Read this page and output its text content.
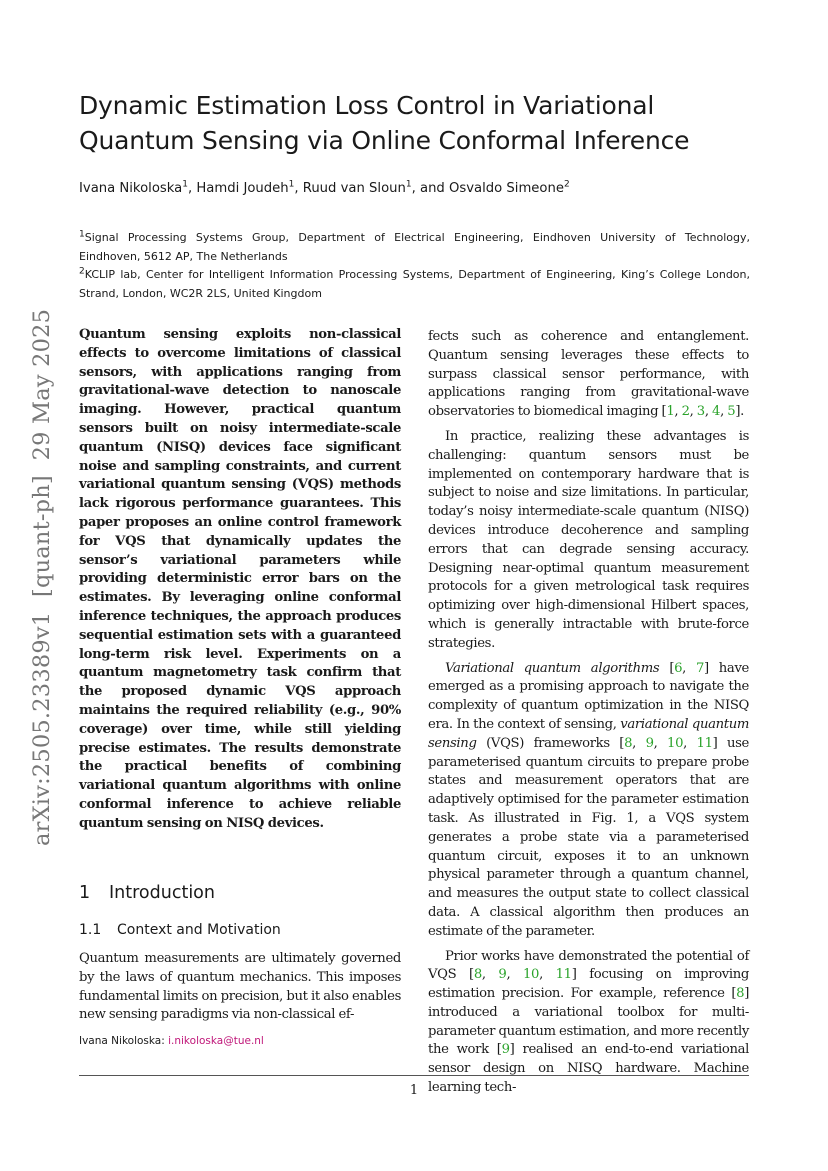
Dynamic Estimation Loss Control in Variational Quantum Sensing via Online Conformal Inference
Ivana Nikoloska$^1$, Hamdi Joudeh$^1$, Ruud van Sloun$^1$, and Osvaldo Simeone$^2$
$^1$Signal Processing Systems Group, Department of Electrical Engineering, Eindhoven University of Technology, Eindhoven, 5612 AP, The Netherlands
$^2$KCLIP lab, Center for Intelligent Information Processing Systems, Department of Engineering, King’s College London, Strand, London, WC2R 2LS, United Kingdom
arXiv:2505.23389v1  [quant-ph]  29 May 2025	Quantum sensing exploits non-classical effects to overcome limitations of classical sensors, with applications ranging from gravitational-wave detection to nanoscale imaging. However, practical quantum sensors built on noisy intermediate-scale quantum (NISQ) devices face significant noise and sampling constraints, and current variational quantum sensing (VQS) methods lack rigorous performance guarantees. This paper proposes an online control framework for VQS that dynamically updates the sensor’s variational parameters while providing deterministic error bars on the estimates. By leveraging online conformal inference techniques, the approach produces sequential estimation sets with a guaranteed long-term risk level. Experiments on a quantum magnetometry task confirm that the proposed dynamic VQS approach maintains the required reliability (e.g., 90% coverage) over time, while still yielding precise estimates. The results demonstrate the practical benefits of combining variational quantum algorithms with online conformal inference to achieve reliable quantum sensing on NISQ devices.
1 Introduction
1.1 Context and Motivation
Quantum measurements are ultimately governed by the laws of quantum mechanics. This imposes fundamental limits on precision, but it also enables new sensing paradigms via non-classical ef-
Ivana Nikoloska: i.nikoloska@tue.nl

fects such as coherence and entanglement. Quantum sensing leverages these effects to surpass classical sensor performance, with applications ranging from gravitational-wave observatories to biomedical imaging [1, 2, 3, 4, 5].

In practice, realizing these advantages is challenging: quantum sensors must be implemented on contemporary hardware that is subject to noise and size limitations. In particular, today’s noisy intermediate-scale quantum (NISQ) devices introduce decoherence and sampling errors that can degrade sensing accuracy. Designing near-optimal quantum measurement protocols for a given metrological task requires optimizing over high-dimensional Hilbert spaces, which is generally intractable with brute-force strategies.

Variational quantum algorithms [6, 7] have emerged as a promising approach to navigate the complexity of quantum optimization in the NISQ era. In the context of sensing, variational quantum sensing (VQS) frameworks [8, 9, 10, 11] use parameterised quantum circuits to prepare probe states and measurement operators that are adaptively optimised for the parameter estimation task. As illustrated in Fig. 1, a VQS system generates a probe state via a parameterised quantum circuit, exposes it to an unknown physical parameter through a quantum channel, and measures the output state to collect classical data. A classical algorithm then produces an estimate of the parameter.

Prior works have demonstrated the potential of VQS [8, 9, 10, 11] focusing on improving estimation precision. For example, reference [8] introduced a variational toolbox for multi-parameter quantum estimation, and more recently the work [9] realised an end-to-end variational sensor design on NISQ hardware. Machine learning tech-

1
